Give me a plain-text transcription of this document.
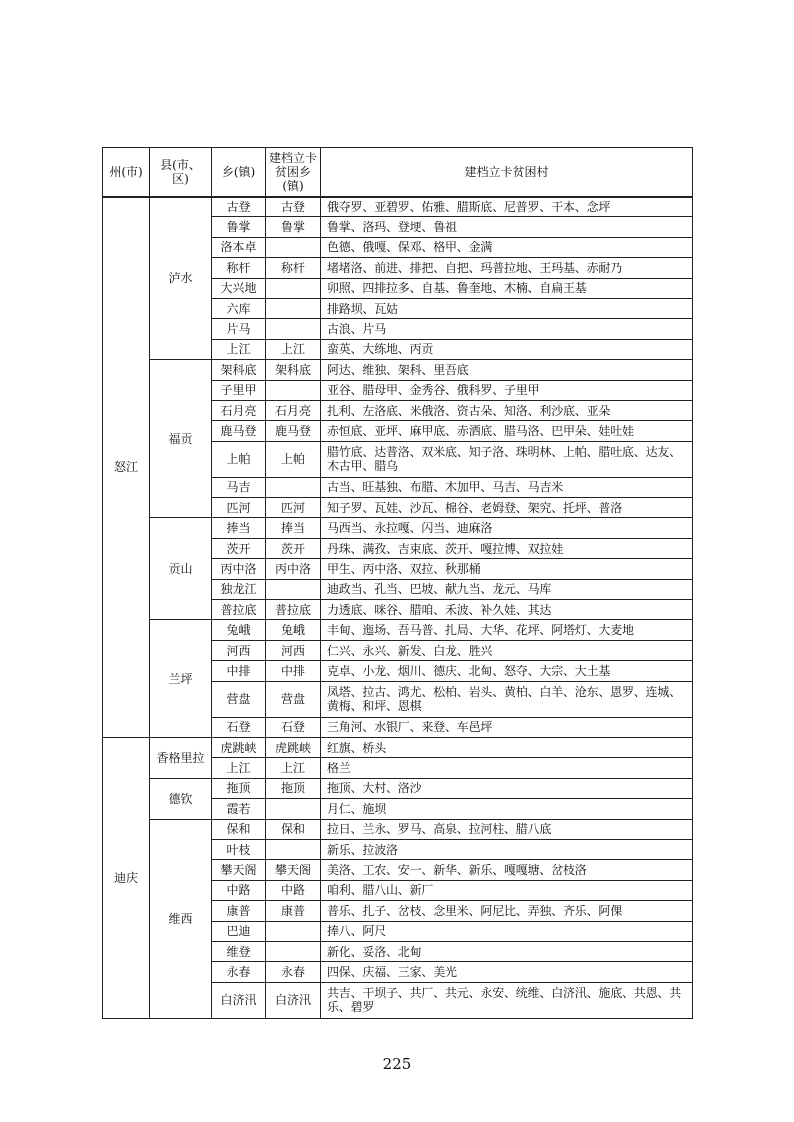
州(市)	县(市、区)	乡(镇)	建档立卡贫困乡(镇)	建档立卡贫困村
怒江	泸水	古登	古登	俄夺罗、亚碧罗、佑雅、腊斯底、尼普罗、干本、念坪
		鲁掌	鲁掌	鲁掌、洛玛、登埂、鲁祖
		洛本卓		色德、俄嘎、保邓、格甲、金满
		称杆	称杆	堵堵洛、前进、排把、自把、玛普拉地、王玛基、赤耐乃
		大兴地		卯照、四排拉多、自基、鲁奎地、木楠、自扁王基
		六库		排路坝、瓦姑
		片马		古浪、片马
		上江	上江	蛮英、大练地、丙贡
	福贡	架科底	架科底	阿达、维独、架科、里吾底
		子里甲		亚谷、腊母甲、金秀谷、俄科罗、子里甲
		石月亮	石月亮	扎利、左洛底、米俄洛、资古朵、知洛、利沙底、亚朵
		鹿马登	鹿马登	赤恒底、亚坪、麻甲底、赤洒底、腊马洛、巴甲朵、娃吐娃
		上帕	上帕	腊竹底、达普洛、双米底、知子洛、珠明林、上帕、腊吐底、达友、木古甲、腊乌
		马吉		古当、旺基独、布腊、木加甲、马吉、马吉米
		匹河	匹河	知子罗、瓦娃、沙瓦、棉谷、老姆登、架究、托坪、普洛
	贡山	捧当	捧当	马西当、永拉嘎、闪当、迪麻洛
		茨开	茨开	丹珠、满孜、吉束底、茨开、嘎拉博、双拉娃
		丙中洛	丙中洛	甲生、丙中洛、双拉、秋那桶
		独龙江		迪政当、孔当、巴坡、献九当、龙元、马库
		普拉底	普拉底	力透底、咪谷、腊咱、禾波、补久娃、其达
	兰坪	兔峨	兔峨	丰甸、迤场、吾马普、扎局、大华、花坪、阿塔灯、大麦地
		河西	河西	仁兴、永兴、新发、白龙、胜兴
		中排	中排	克卓、小龙、烟川、德庆、北甸、怒夺、大宗、大土基
		营盘	营盘	凤塔、拉古、鸿尤、松柏、岩头、黄柏、白羊、沧东、恩罗、连城、黄梅、和坪、恩棋
		石登	石登	三角河、水银厂、来登、车邑坪
迪庆	香格里拉	虎跳峡	虎跳峡	红旗、桥头
		上江	上江	格兰
	德钦	拖顶	拖顶	拖顶、大村、洛沙
		霞若		月仁、施坝
	维西	保和	保和	拉日、兰永、罗马、高泉、拉河柱、腊八底
		叶枝		新乐、拉波洛
		攀天阁	攀天阁	美洛、工农、安一、新华、新乐、嘎嘎塘、岔枝洛
		中路	中路	咱利、腊八山、新厂
		康普	康普	普乐、扎子、岔枝、念里米、阿尼比、弄独、齐乐、阿倮
		巴迪		捧八、阿尺
		维登		新化、妥洛、北甸
		永春	永春	四保、庆福、三家、美光
		白济汛	白济汛	共吉、干坝子、共厂、共元、永安、统维、白济汛、施底、共恩、共乐、碧罗
225
